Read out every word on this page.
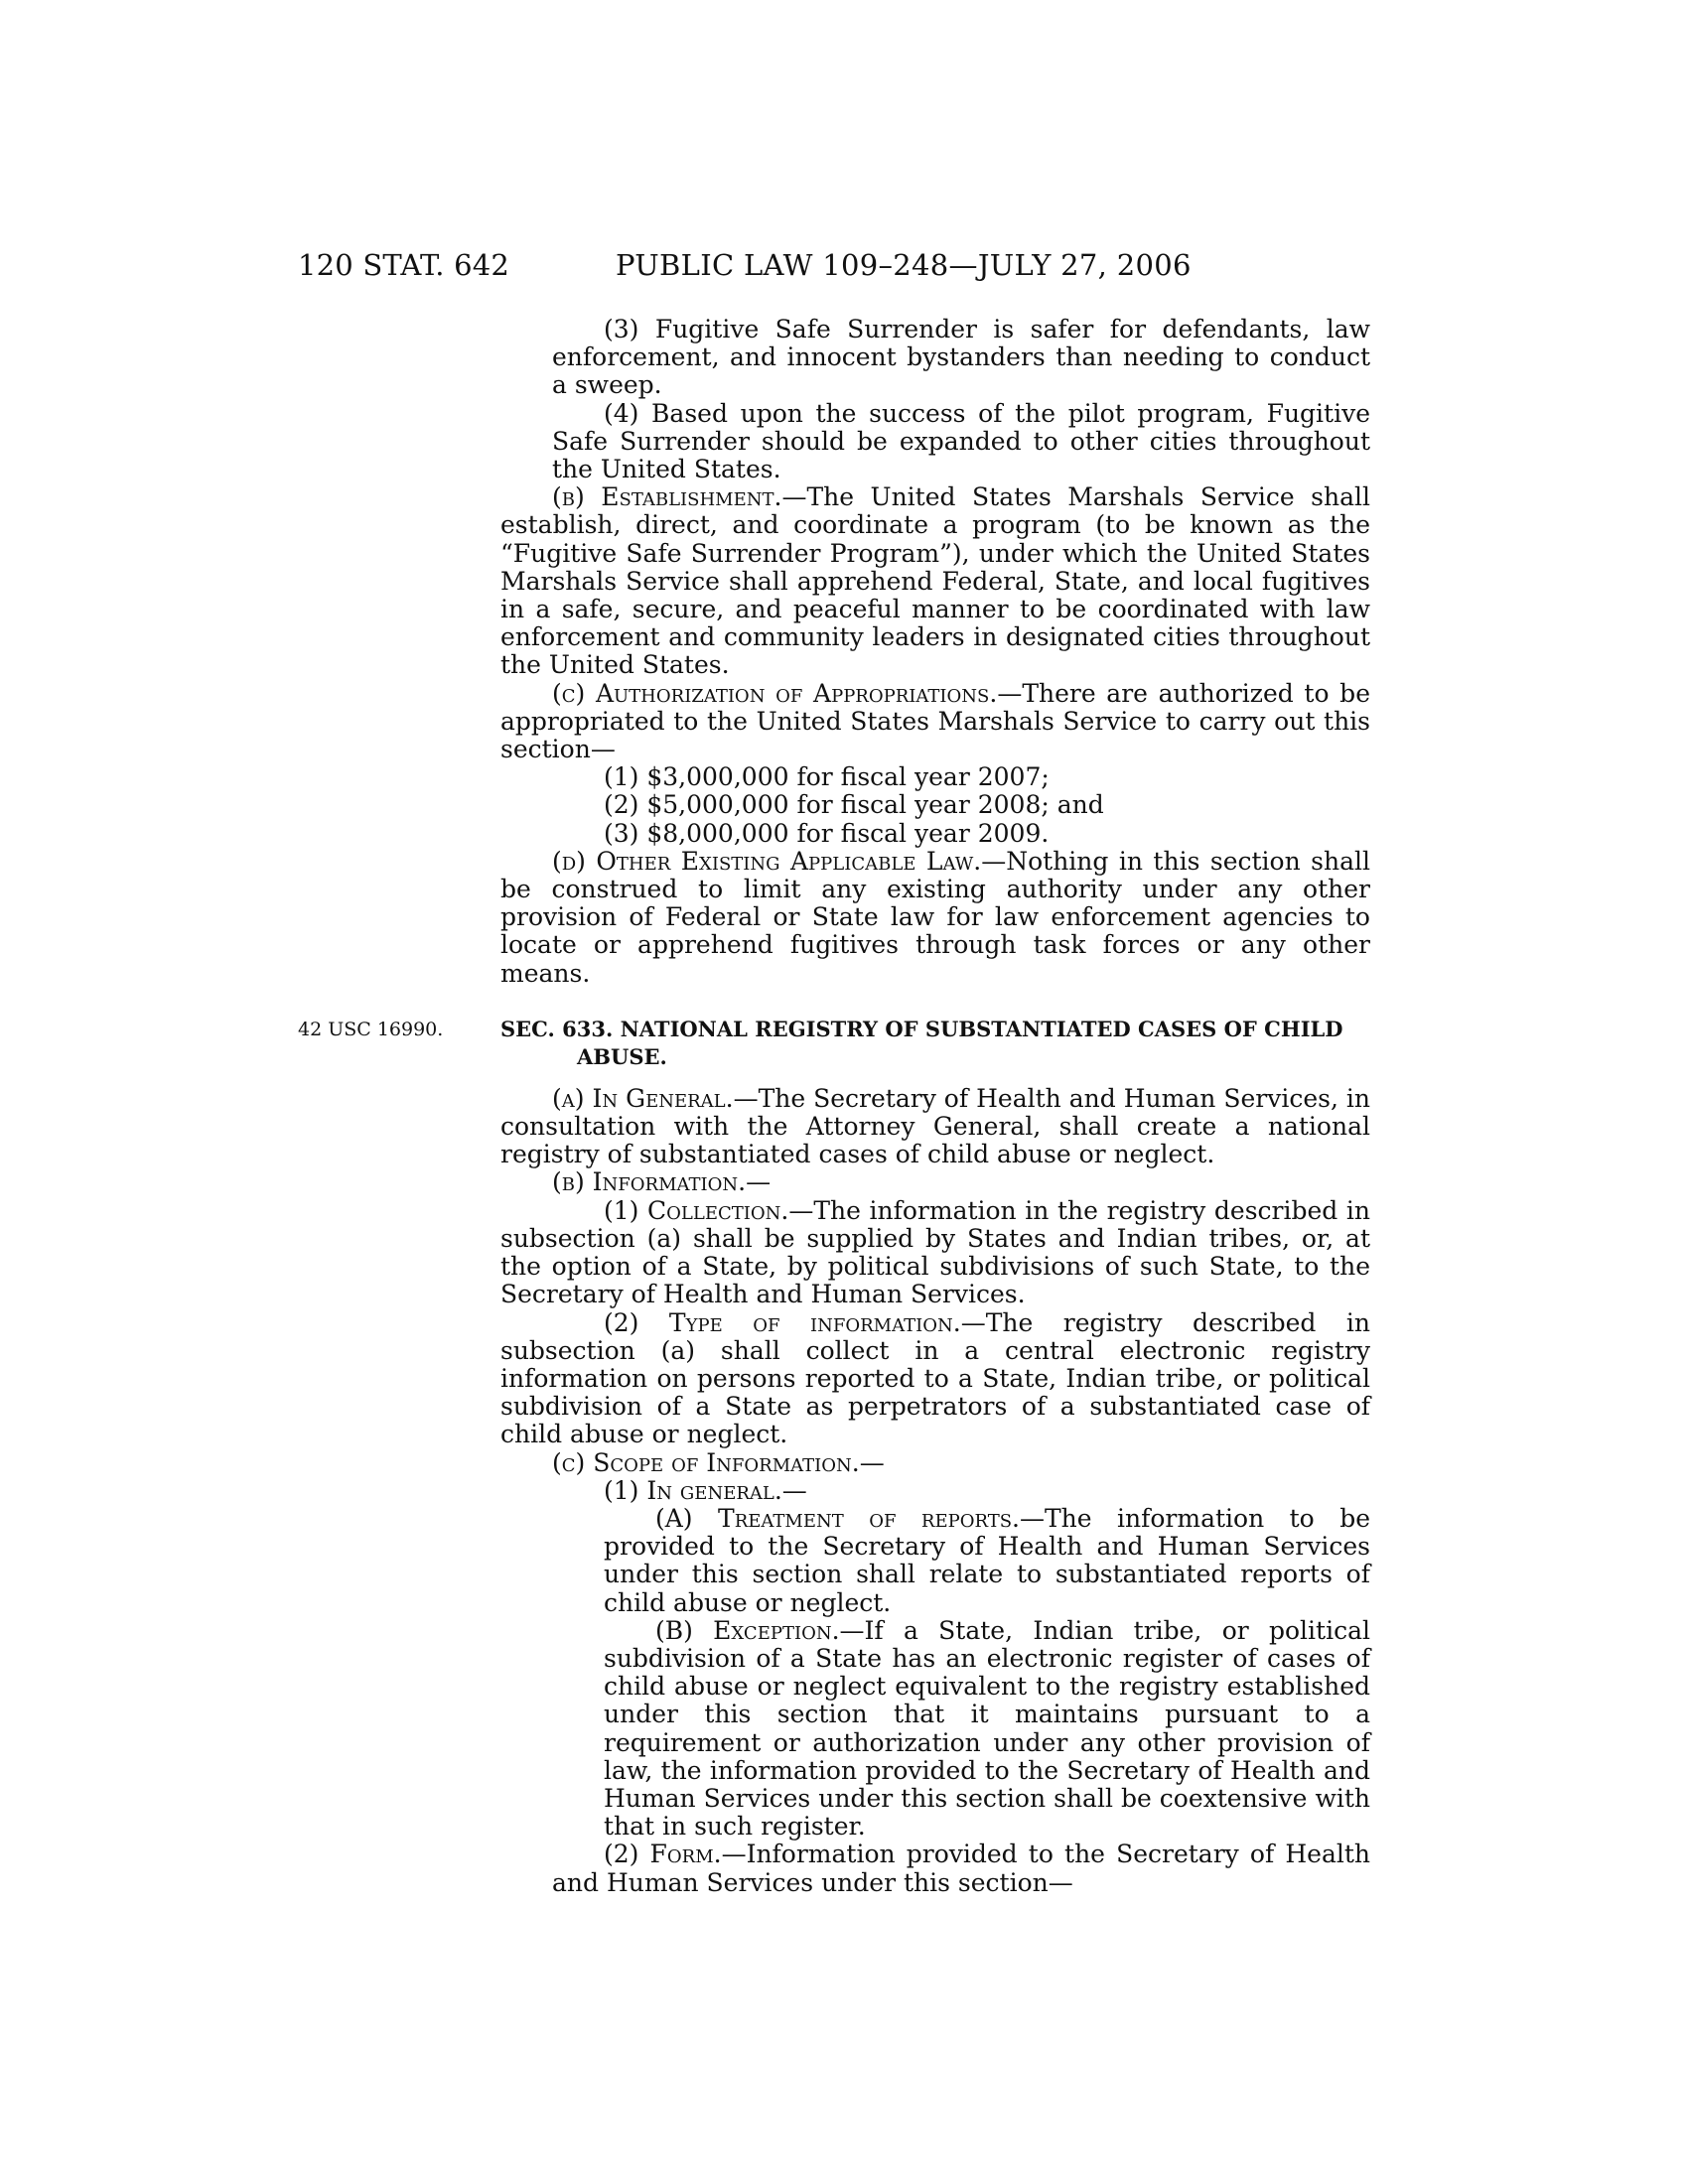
120 STAT. 642	PUBLIC LAW 109–248—JULY 27, 2006
42 USC 16990.

(3) Fugitive Safe Surrender is safer for defendants, law enforcement, and innocent bystanders than needing to conduct a sweep.

(4) Based upon the success of the pilot program, Fugitive Safe Surrender should be expanded to other cities throughout the United States.

(b) Establishment.—The United States Marshals Service shall establish, direct, and coordinate a program (to be known as the “Fugitive Safe Surrender Program”), under which the United States Marshals Service shall apprehend Federal, State, and local fugitives in a safe, secure, and peaceful manner to be coordinated with law enforcement and community leaders in designated cities throughout the United States.

(c) Authorization of Appropriations.—There are authorized to be appropriated to the United States Marshals Service to carry out this section—

(1) $3,000,000 for fiscal year 2007;

(2) $5,000,000 for fiscal year 2008; and

(3) $8,000,000 for fiscal year 2009.

(d) Other Existing Applicable Law.—Nothing in this section shall be construed to limit any existing authority under any other provision of Federal or State law for law enforcement agencies to locate or apprehend fugitives through task forces or any other means.

SEC. 633. NATIONAL REGISTRY OF SUBSTANTIATED CASES OF CHILD ABUSE.

(a) In General.—The Secretary of Health and Human Services, in consultation with the Attorney General, shall create a national registry of substantiated cases of child abuse or neglect.

(b) Information.—

(1) Collection.—The information in the registry described in subsection (a) shall be supplied by States and Indian tribes, or, at the option of a State, by political subdivisions of such State, to the Secretary of Health and Human Services.

(2) Type of information.—The registry described in subsection (a) shall collect in a central electronic registry information on persons reported to a State, Indian tribe, or political subdivision of a State as perpetrators of a substantiated case of child abuse or neglect.

(c) Scope of Information.—

(1) In general.—

(A) Treatment of reports.—The information to be provided to the Secretary of Health and Human Services under this section shall relate to substantiated reports of child abuse or neglect.

(B) Exception.—If a State, Indian tribe, or political subdivision of a State has an electronic register of cases of child abuse or neglect equivalent to the registry established under this section that it maintains pursuant to a requirement or authorization under any other provision of law, the information provided to the Secretary of Health and Human Services under this section shall be coextensive with that in such register.

(2) Form.—Information provided to the Secretary of Health and Human Services under this section—
